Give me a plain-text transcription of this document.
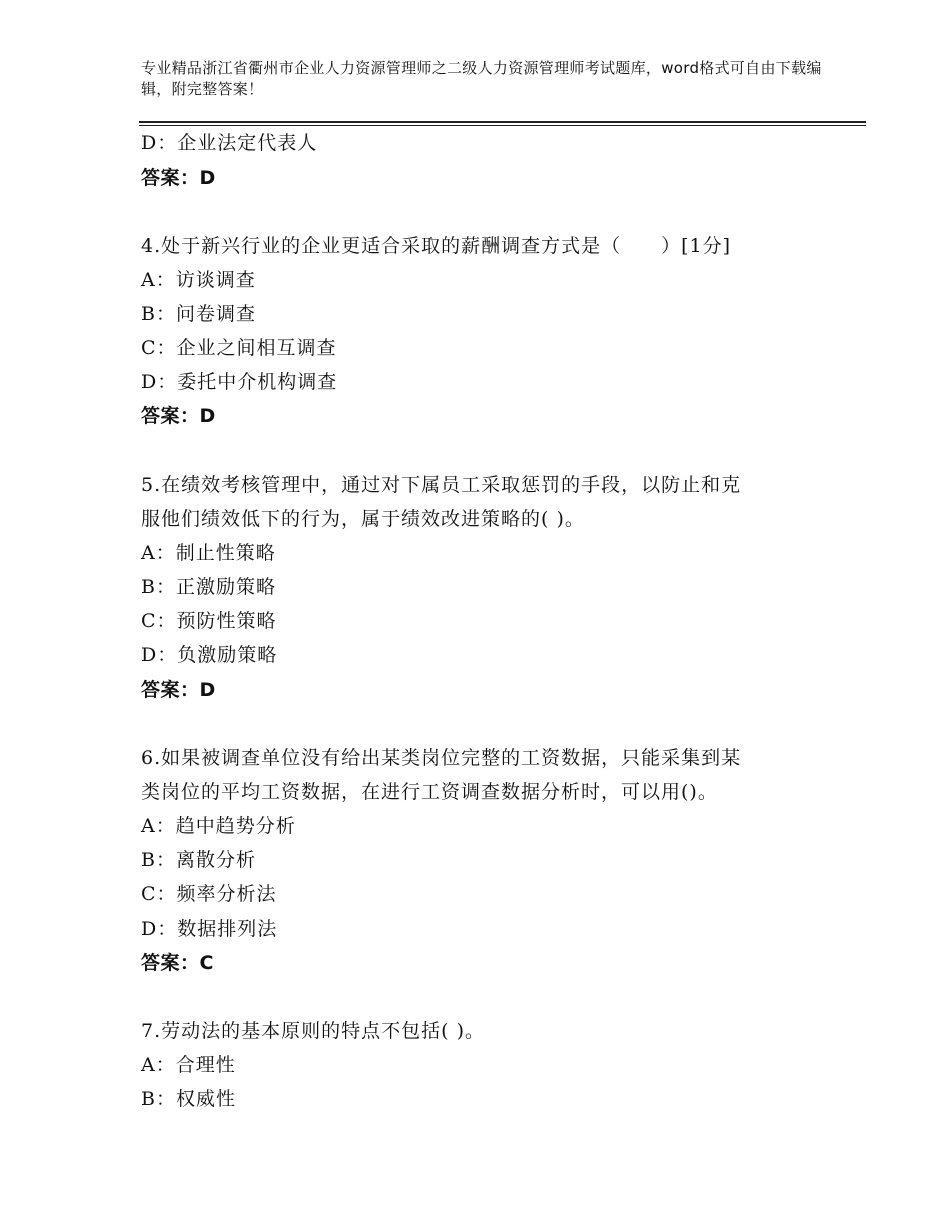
专业精品浙江省衢州市企业人力资源管理师之二级人力资源管理师考试题库，word格式可自由下载编辑，附完整答案！
D：企业法定代表人
答案：D
4.处于新兴行业的企业更适合采取的薪酬调查方式是（　　）[1分]
A：访谈调查
B：问卷调查
C：企业之间相互调查
D：委托中介机构调查
答案：D
5.在绩效考核管理中，通过对下属员工采取惩罚的手段，以防止和克
服他们绩效低下的行为，属于绩效改进策略的( )。
A：制止性策略
B：正激励策略
C：预防性策略
D：负激励策略
答案：D
6.如果被调查单位没有给出某类岗位完整的工资数据，只能采集到某
类岗位的平均工资数据，在进行工资调查数据分析时，可以用()。
A：趋中趋势分析
B：离散分析
C：频率分析法
D：数据排列法
答案：C
7.劳动法的基本原则的特点不包括( )。
A：合理性
B：权威性
